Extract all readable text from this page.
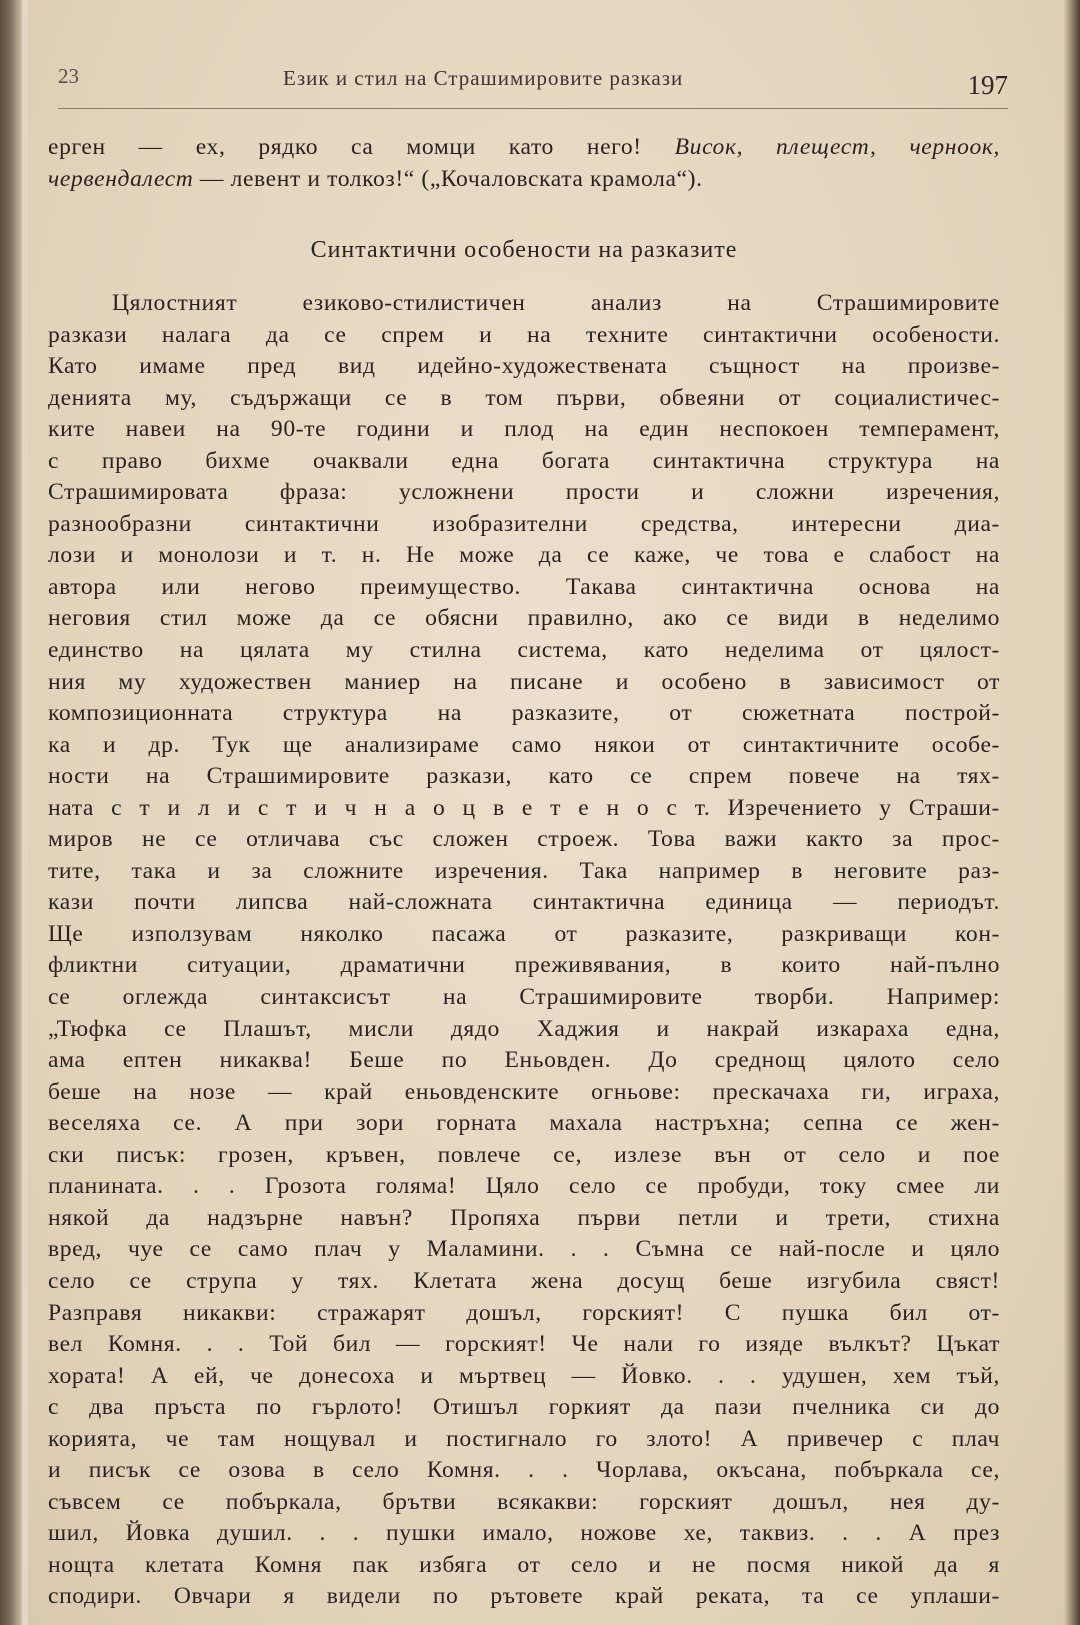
23	Език и стил на Страшимировите разкази	197
ерген — ех, рядко са момци като него! Висок, плещест, черноок,
червендалест — левент и толкоз!“ („Кочаловската крамола“).
Синтактични особености на разказите
Цялостният езиково-стилистичен анализ на Страшимировите
разкази налага да се спрем и на техните синтактични особености.
Като имаме пред вид идейно-художествената същност на произве-
денията му, съдържащи се в том първи, обвеяни от социалистичес-
ките навеи на 90-те години и плод на един неспокоен темперамент,
с право бихме очаквали една богата синтактична структура на
Страшимировата фраза: усложнени прости и сложни изречения,
разнообразни синтактични изобразителни средства, интересни диа-
лози и монолози и т. н. Не може да се каже, че това е слабост на
автора или негово преимущество. Такава синтактична основа на
неговия стил може да се обясни правилно, ако се види в неделимо
единство на цялата му стилна система, като неделима от цялост-
ния му художествен маниер на писане и особено в зависимост от
композиционната структура на разказите, от сюжетната построй-
ка и др. Тук ще анализираме само някои от синтактичните особе-
ности на Страшимировите разкази, като се спрем повече на тях-
ната с т и л и с т и ч н а о ц в е т е н о с т. Изречението у Страши-
миров не се отличава със сложен строеж. Това важи както за прос-
тите, така и за сложните изречения. Така например в неговите раз-
кази почти липсва най-сложната синтактична единица — периодът.
Ще използувам няколко пасажа от разказите, разкриващи кон-
фликтни ситуации, драматични преживявания, в които най-пълно
се оглежда синтаксисът на Страшимировите творби. Например:
„Тюфка се Плашът, мисли дядо Хаджия и накрай изкараха една,
ама ептен никаква! Беше по Еньовден. До среднощ цялото село
беше на нозе — край еньовденските огньове: прескачаха ги, играха,
веселяха се. А при зори горната махала настръхна; сепна се жен-
ски писък: грозен, кръвен, повлече се, излезе вън от село и пое
планината. . . Грозота голяма! Цяло село се пробуди, току смее ли
някой да надзърне навън? Пропяха първи петли и трети, стихна
вред, чуе се само плач у Маламини. . . Съмна се най-после и цяло
село се струпа у тях. Клетата жена досущ беше изгубила свяст!
Разправя никакви: стражарят дошъл, горският! С пушка бил от-
вел Комня. . . Той бил — горският! Че нали го изяде вълкът? Цъкат
хората! А ей, че донесоха и мъртвец — Йовко. . . удушен, хем тъй,
с два пръста по гърлото! Отишъл горкият да пази пчелника си до
корията, че там нощувал и постигнало го злото! А привечер с плач
и писък се озова в село Комня. . . Чорлава, окъсана, побъркала се,
съвсем се побъркала, брътви всякакви: горският дошъл, нея ду-
шил, Йовка душил. . . пушки имало, ножове хе, таквиз. . . А през
нощта клетата Комня пак избяга от село и не посмя никой да я
сподири. Овчари я видели по рътовете край реката, та се уплаши-
